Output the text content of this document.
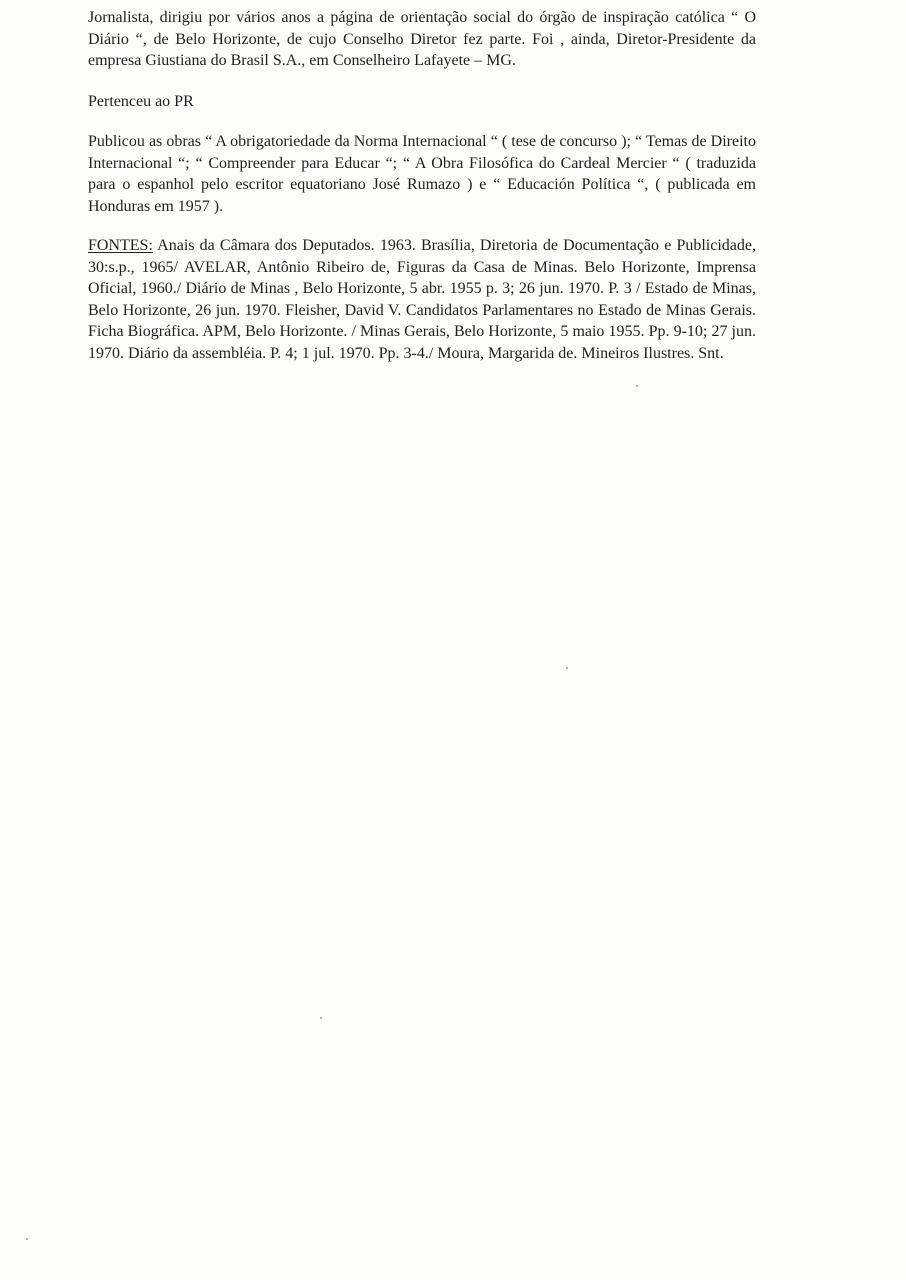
Jornalista, dirigiu por vários anos a página de orientação social do órgão de inspiração católica “ O Diário “, de Belo Horizonte, de cujo Conselho Diretor fez parte. Foi , ainda, Diretor-Presidente da empresa Giustiana do Brasil S.A., em Conselheiro Lafayete – MG.

Pertenceu ao PR

Publicou as obras “ A obrigatoriedade da Norma Internacional “ ( tese de concurso ); “ Temas de Direito Internacional “; “ Compreender para Educar “; “ A Obra Filosófica do Cardeal Mercier “ ( traduzida para o espanhol pelo escritor equatoriano José Rumazo ) e “ Educación Política “, ( publicada em Honduras em 1957 ).

FONTES: Anais da Câmara dos Deputados. 1963. Brasília, Diretoria de Documentação e Publicidade, 30:s.p., 1965/ AVELAR, Antônio Ribeiro de, Figuras da Casa de Minas. Belo Horizonte, Imprensa Oficial, 1960./ Diário de Minas , Belo Horizonte, 5 abr. 1955 p. 3; 26 jun. 1970. P. 3 / Estado de Minas, Belo Horizonte, 26 jun. 1970. Fleisher, David V. Candidatos Parlamentares no Estado de Minas Gerais. Ficha Biográfica. APM, Belo Horizonte. / Minas Gerais, Belo Horizonte, 5 maio 1955. Pp. 9-10; 27 jun. 1970. Diário da assembléia. P. 4; 1 jul. 1970. Pp. 3-4./ Moura, Margarida de. Mineiros Ilustres. Snt.
